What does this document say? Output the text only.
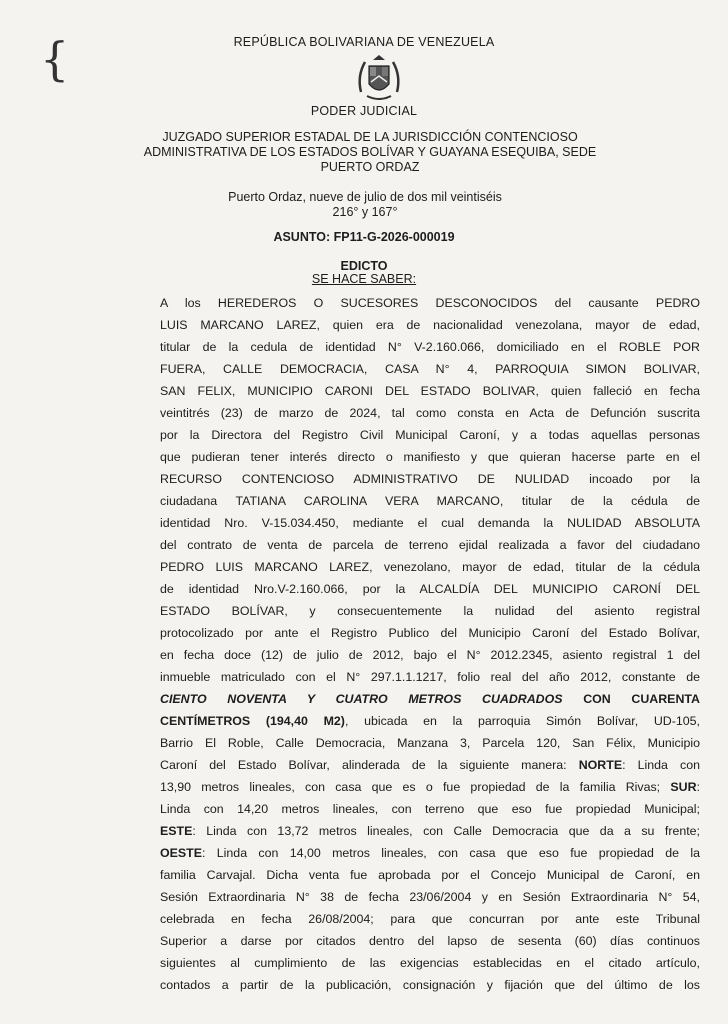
{	REPÚBLICA BOLIVARIANA DE VENEZUELA
PODER JUDICIAL
JUZGADO SUPERIOR ESTADAL DE LA JURISDICCIÓN CONTENCIOSO
ADMINISTRATIVA DE LOS ESTADOS BOLÍVAR Y GUAYANA ESEQUIBA, SEDE
PUERTO ORDAZ
Puerto Ordaz, nueve de julio de dos mil veintiséis
216° y 167°
ASUNTO: FP11-G-2026-000019
EDICTO
SE HACE SABER:
A los HEREDEROS O SUCESORES DESCONOCIDOS del causante PEDRO
LUIS MARCANO LAREZ, quien era de nacionalidad venezolana, mayor de edad,
titular de la cedula de identidad N° V-2.160.066, domiciliado en el ROBLE POR
FUERA, CALLE DEMOCRACIA, CASA N° 4, PARROQUIA SIMON BOLIVAR,
SAN FELIX, MUNICIPIO CARONI DEL ESTADO BOLIVAR, quien falleció en fecha
veintitrés (23) de marzo de 2024, tal como consta en Acta de Defunción suscrita
por la Directora del Registro Civil Municipal Caroní, y a todas aquellas personas
que pudieran tener interés directo o manifiesto y que quieran hacerse parte en el
RECURSO CONTENCIOSO ADMINISTRATIVO DE NULIDAD incoado por la
ciudadana TATIANA CAROLINA VERA MARCANO, titular de la cédula de
identidad Nro. V-15.034.450, mediante el cual demanda la NULIDAD ABSOLUTA
del contrato de venta de parcela de terreno ejidal realizada a favor del ciudadano
PEDRO LUIS MARCANO LAREZ, venezolano, mayor de edad, titular de la cédula
de identidad Nro.V-2.160.066, por la ALCALDÍA DEL MUNICIPIO CARONÍ DEL
ESTADO BOLÍVAR, y consecuentemente la nulidad del asiento registral
protocolizado por ante el Registro Publico del Municipio Caroní del Estado Bolívar,
en fecha doce (12) de julio de 2012, bajo el N° 2012.2345, asiento registral 1 del
inmueble matriculado con el N° 297.1.1.1217, folio real del año 2012, constante de
CIENTO NOVENTA Y CUATRO METROS CUADRADOS CON CUARENTA
CENTÍMETROS (194,40 M2), ubicada en la parroquia Simón Bolívar, UD-105,
Barrio El Roble, Calle Democracia, Manzana 3, Parcela 120, San Félix, Municipio
Caroní del Estado Bolívar, alinderada de la siguiente manera: NORTE: Linda con
13,90 metros lineales, con casa que es o fue propiedad de la familia Rivas; SUR:
Linda con 14,20 metros lineales, con terreno que eso fue propiedad Municipal;
ESTE: Linda con 13,72 metros lineales, con Calle Democracia que da a su frente;
OESTE: Linda con 14,00 metros lineales, con casa que eso fue propiedad de la
familia Carvajal. Dicha venta fue aprobada por el Concejo Municipal de Caroní, en
Sesión Extraordinaria N° 38 de fecha 23/06/2004 y en Sesión Extraordinaria N° 54,
celebrada en fecha 26/08/2004; para que concurran por ante este Tribunal
Superior a darse por citados dentro del lapso de sesenta (60) días continuos
siguientes al cumplimiento de las exigencias establecidas en el citado artículo,
contados a partir de la publicación, consignación y fijación que del último de los
